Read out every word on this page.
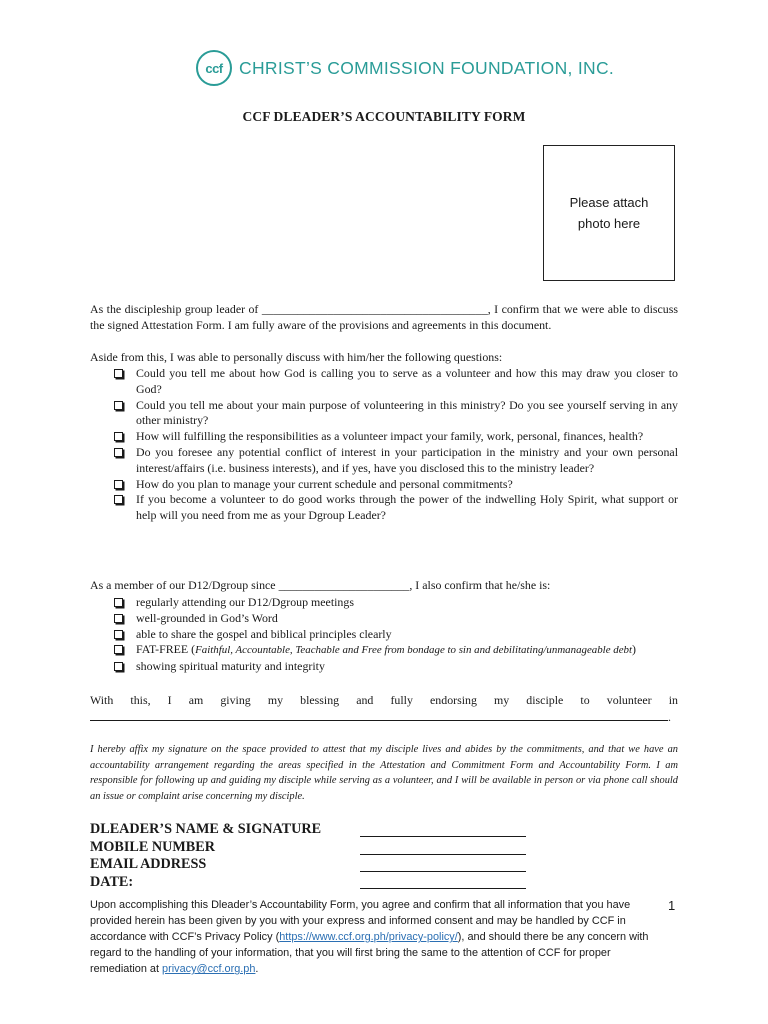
ccf CHRIST’S COMMISSION FOUNDATION, INC.
CCF DLEADER’S ACCOUNTABILITY FORM
Please attach
photo here
As the discipleship group leader of ______________________________________, I confirm that we were able to discuss the signed Attestation Form. I am fully aware of the provisions and agreements in this document.
Aside from this, I was able to personally discuss with him/her the following questions:
Could you tell me about how God is calling you to serve as a volunteer and how this may draw you closer to God?
Could you tell me about your main purpose of volunteering in this ministry? Do you see yourself serving in any other ministry?
How will fulfilling the responsibilities as a volunteer impact your family, work, personal, finances, health?
Do you foresee any potential conflict of interest in your participation in the ministry and your own personal interest/affairs (i.e. business interests), and if yes, have you disclosed this to the ministry leader?
How do you plan to manage your current schedule and personal commitments?
If you become a volunteer to do good works through the power of the indwelling Holy Spirit, what support or help will you need from me as your Dgroup Leader?
As a member of our D12/Dgroup since ______________________, I also confirm that he/she is:
regularly attending our D12/Dgroup meetings
well-grounded in God’s Word
able to share the gospel and biblical principles clearly
FAT-FREE (Faithful, Accountable, Teachable and Free from bondage to sin and debilitating/unmanageable debt)
showing spiritual maturity and integrity
With this, I am giving my blessing and fully endorsing my disciple to volunteer in
.
I hereby affix my signature on the space provided to attest that my disciple lives and abides by the commitments, and that we have an accountability arrangement regarding the areas specified in the Attestation and Commitment Form and Accountability Form. I am responsible for following up and guiding my disciple while serving as a volunteer, and I will be available in person or via phone call should an issue or complaint arise concerning my disciple.
DLEADER’S NAME & SIGNATURE
MOBILE NUMBER
EMAIL ADDRESS
DATE:
Upon accomplishing this Dleader’s Accountability Form, you agree and confirm that all information that you have provided herein has been given by you with your express and informed consent and may be handled by CCF in accordance with CCF’s Privacy Policy (https://www.ccf.org.ph/privacy-policy/), and should there be any concern with regard to the handling of your information, that you will first bring the same to the attention of CCF for proper remediation at privacy@ccf.org.ph.
1
